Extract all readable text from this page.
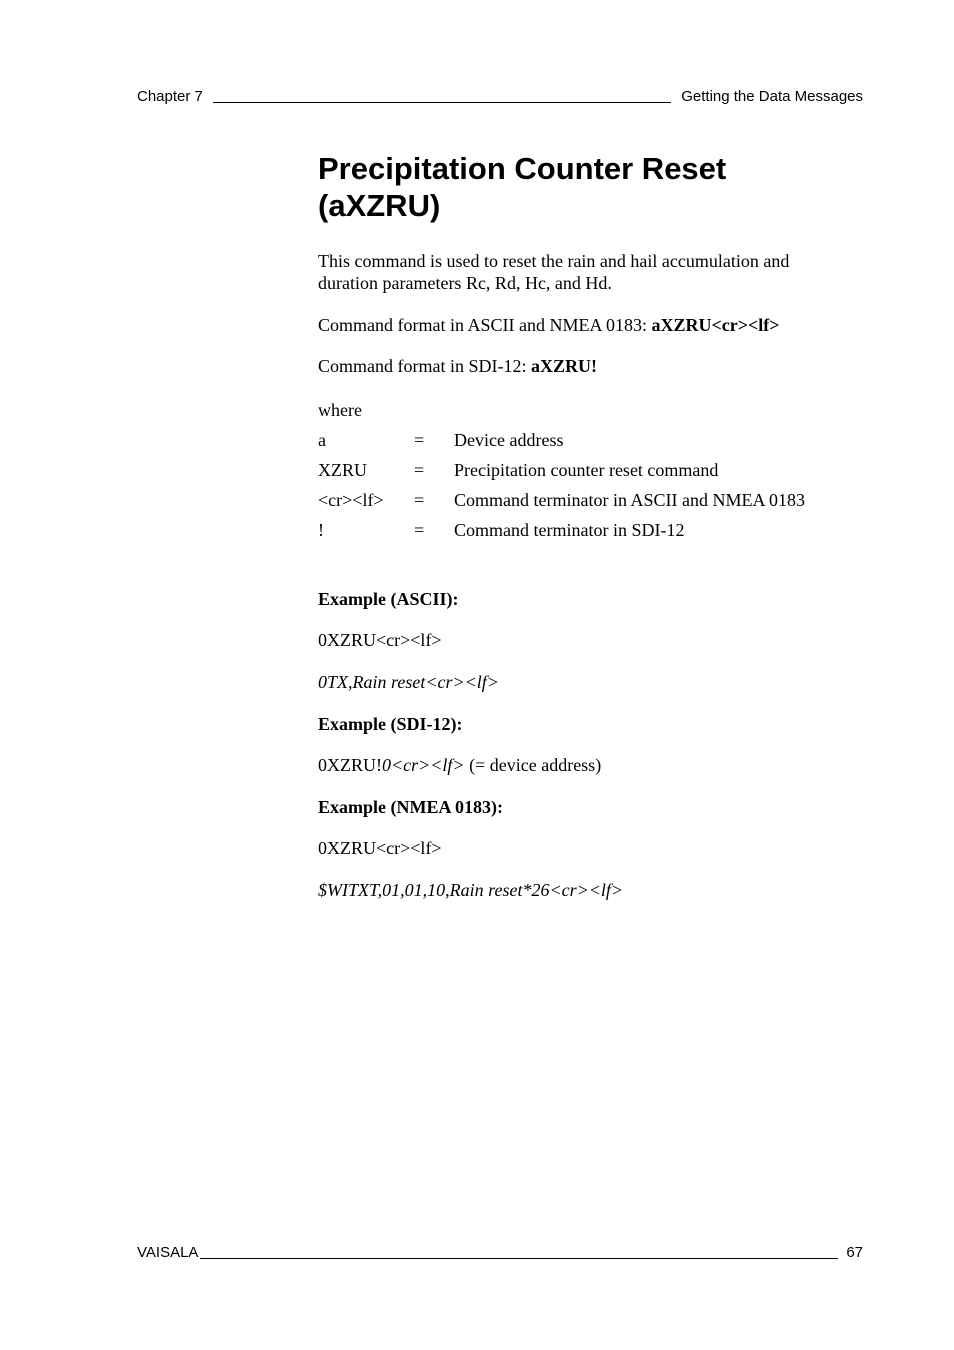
Chapter 7	Getting the Data Messages
Precipitation Counter Reset
(aXZRU)

This command is used to reset the rain and hail accumulation and
duration parameters Rc, Rd, Hc, and Hd.

Command format in ASCII and NMEA 0183: aXZRU<cr><lf>

Command format in SDI-12: aXZRU!

where

a	=	Device address
XZRU	=	Precipitation counter reset command
<cr><lf>	=	Command terminator in ASCII and NMEA 0183
!	=	Command terminator in SDI-12

Example (ASCII):

0XZRU<cr><lf>

0TX,Rain reset<cr><lf>

Example (SDI-12):

0XZRU!0<cr><lf> (= device address)

Example (NMEA 0183):

0XZRU<cr><lf>

$WITXT,01,01,10,Rain reset*26<cr><lf>

VAISALA	67
